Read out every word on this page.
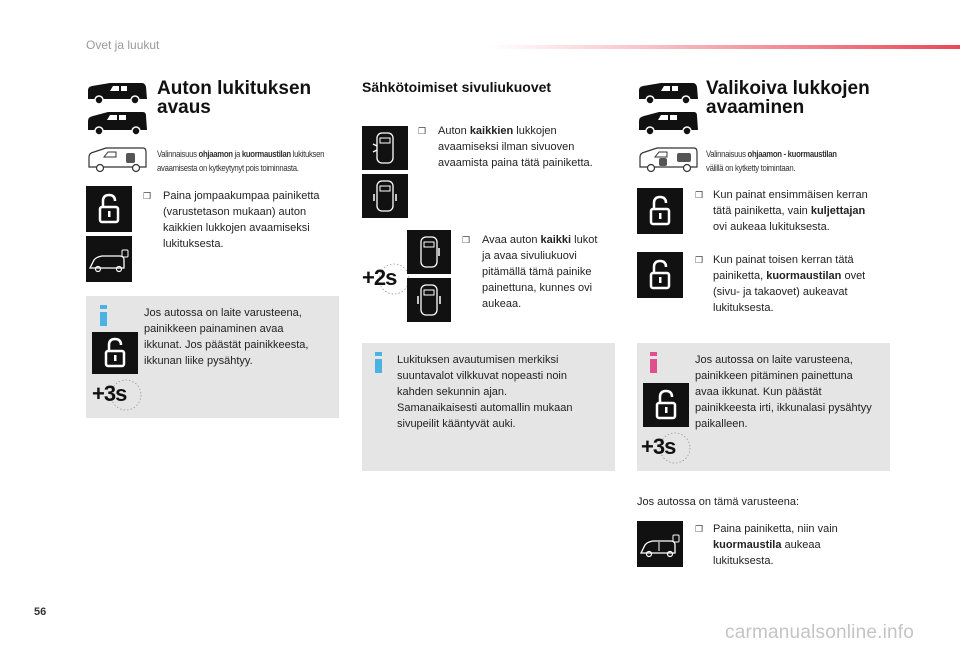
Ovet ja luukut
Auton lukituksen
avaus
Valinnaisuus ohjaamon ja kuormaustilan lukituksen
avaamisesta on kytkeytynyt pois toiminnasta.
❒ Paina jompaakumpaa painiketta
(varustetason mukaan) auton
kaikkien lukkojen avaamiseksi
lukituksesta.
Jos autossa on laite varusteena,
painikkeen painaminen avaa
ikkunat. Jos päästät painikkeesta,
ikkunan liike pysähtyy.
+3s
Sähkötoimiset sivuliukuovet
❒ Auton kaikkien lukkojen
avaamiseksi ilman sivuoven
avaamista paina tätä painiketta.
+2s
❒ Avaa auton kaikki lukot
ja avaa sivuliukuovi
pitämällä tämä painike
painettuna, kunnes ovi
aukeaa.
Lukituksen avautumisen merkiksi
suuntavalot vilkkuvat nopeasti noin
kahden sekunnin ajan.
Samanaikaisesti automallin mukaan
sivupeilit kääntyvät auki.
Valikoiva lukkojen
avaaminen
Valinnaisuus ohjaamon - kuormaustilan
välillä on kytketty toimintaan.
❒ Kun painat ensimmäisen kerran
tätä painiketta, vain kuljettajan
ovi aukeaa lukituksesta.
❒ Kun painat toisen kerran tätä
painiketta, kuormaustilan ovet
(sivu- ja takaovet) aukeavat
lukituksesta.
Jos autossa on laite varusteena,
painikkeen pitäminen painettuna
avaa ikkunat. Kun päästät
painikkeesta irti, ikkunalasi pysähtyy
paikalleen.
+3s
Jos autossa on tämä varusteena:
❒ Paina painiketta, niin vain
kuormaustila aukeaa
lukituksesta.
56
carmanualsonline.info
